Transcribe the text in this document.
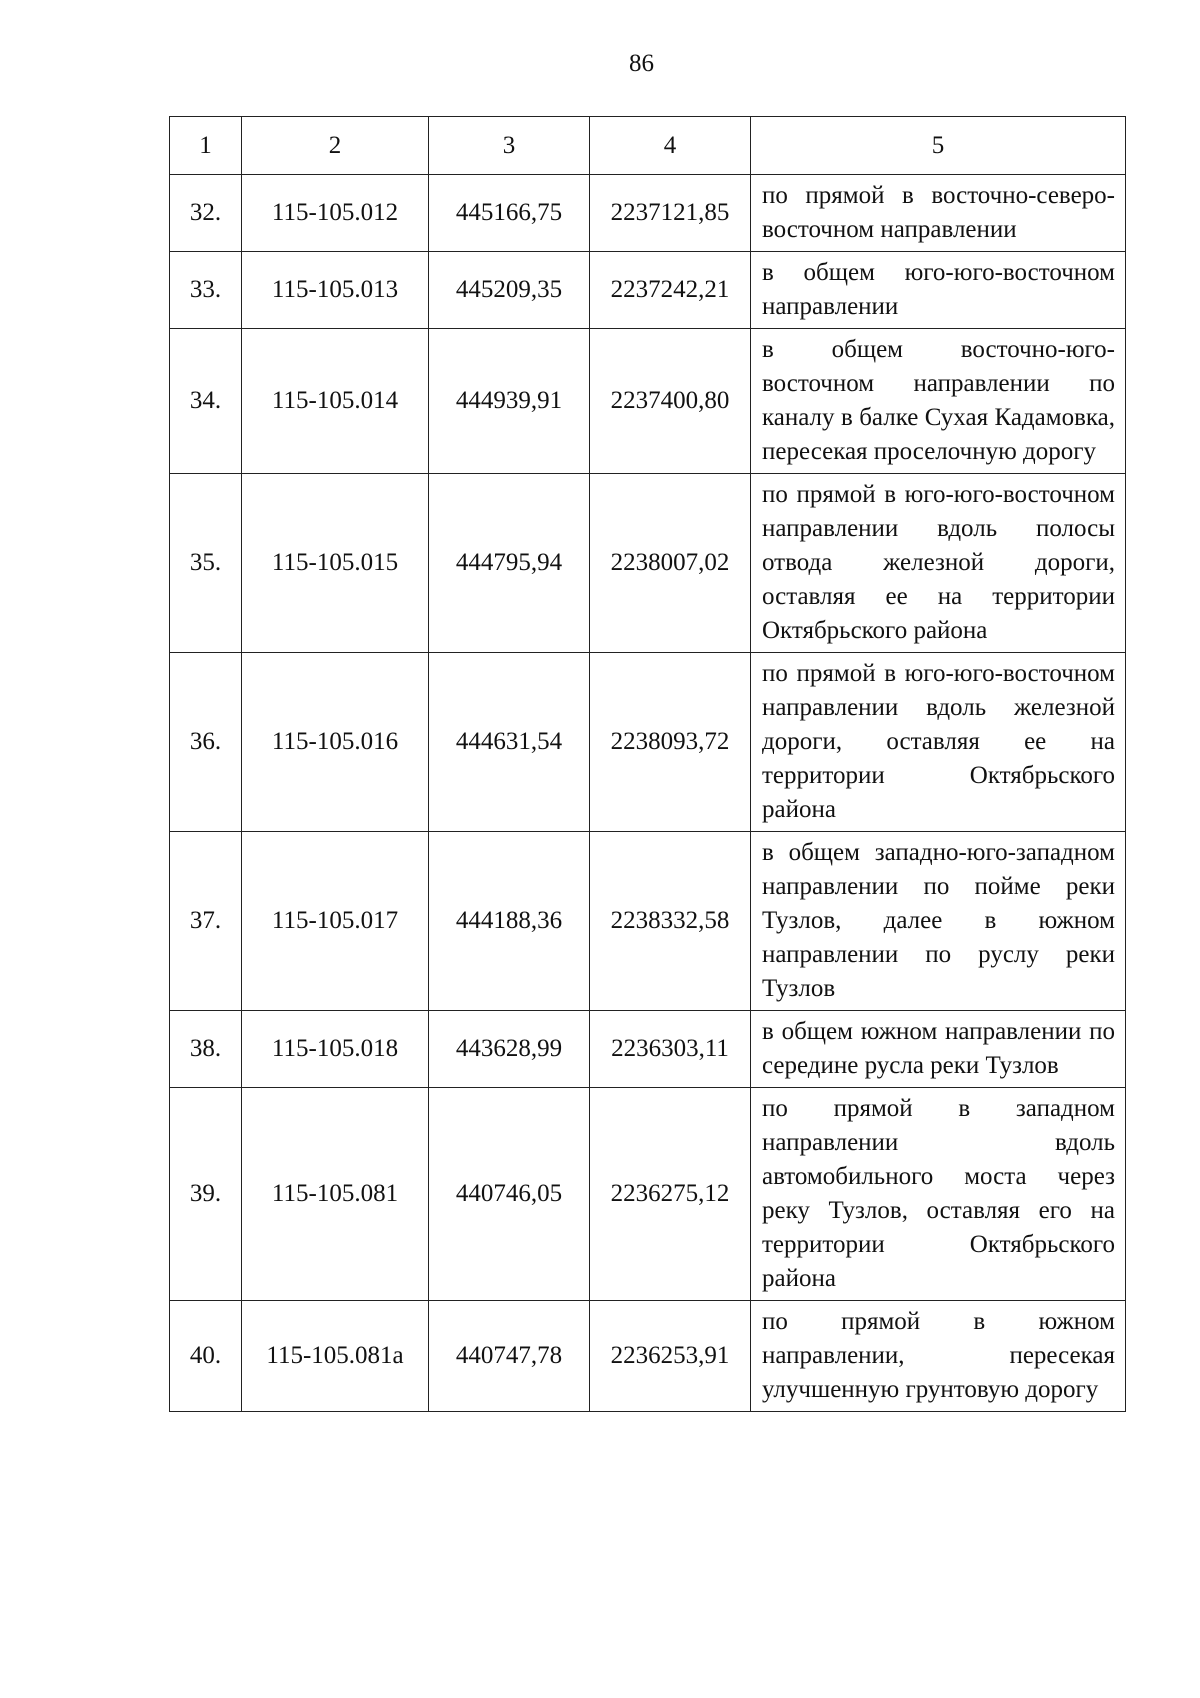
86
1	2	3	4	5
32.	115-105.012	445166,75	2237121,85	по прямой в восточно-северо-восточном направлении
33.	115-105.013	445209,35	2237242,21	в общем юго-юго-восточном направлении
34.	115-105.014	444939,91	2237400,80	в общем восточно-юго-восточном направлении по каналу в балке Сухая Кадамовка, пересекая проселочную дорогу
35.	115-105.015	444795,94	2238007,02	по прямой в юго-юго-восточном направлении вдоль полосы отвода железной дороги, оставляя ее на территории Октябрьского района
36.	115-105.016	444631,54	2238093,72	по прямой в юго-юго-восточном направлении вдоль железной дороги, оставляя ее на территории Октябрьского района
37.	115-105.017	444188,36	2238332,58	в общем западно-юго-западном направлении по пойме реки Тузлов, далее в южном направлении по руслу реки Тузлов
38.	115-105.018	443628,99	2236303,11	в общем южном направлении по середине русла реки Тузлов
39.	115-105.081	440746,05	2236275,12	по прямой в западном направлении вдоль автомобильного моста через реку Тузлов, оставляя его на территории Октябрьского района
40.	115-105.081а	440747,78	2236253,91	по прямой в южном направлении, пересекая улучшенную грунтовую дорогу
